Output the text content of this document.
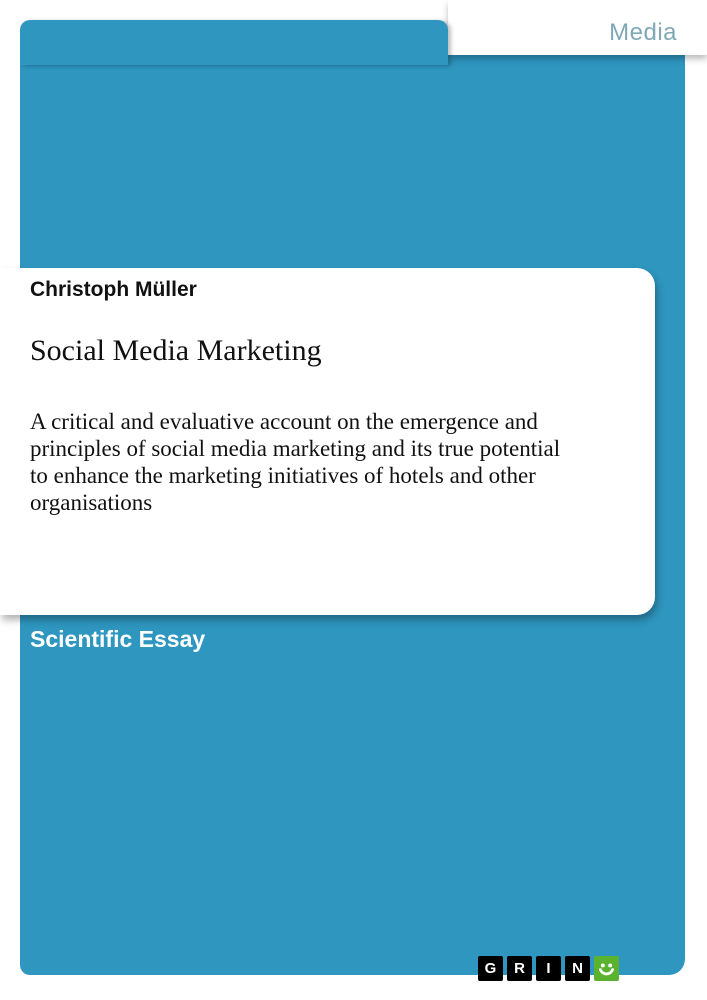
Media
Christoph Müller
Social Media Marketing
A critical and evaluative account on the emergence and
principles of social media marketing and its true potential
to enhance the marketing initiatives of hotels and other
organisations
Scientific Essay
G	R	I	N
